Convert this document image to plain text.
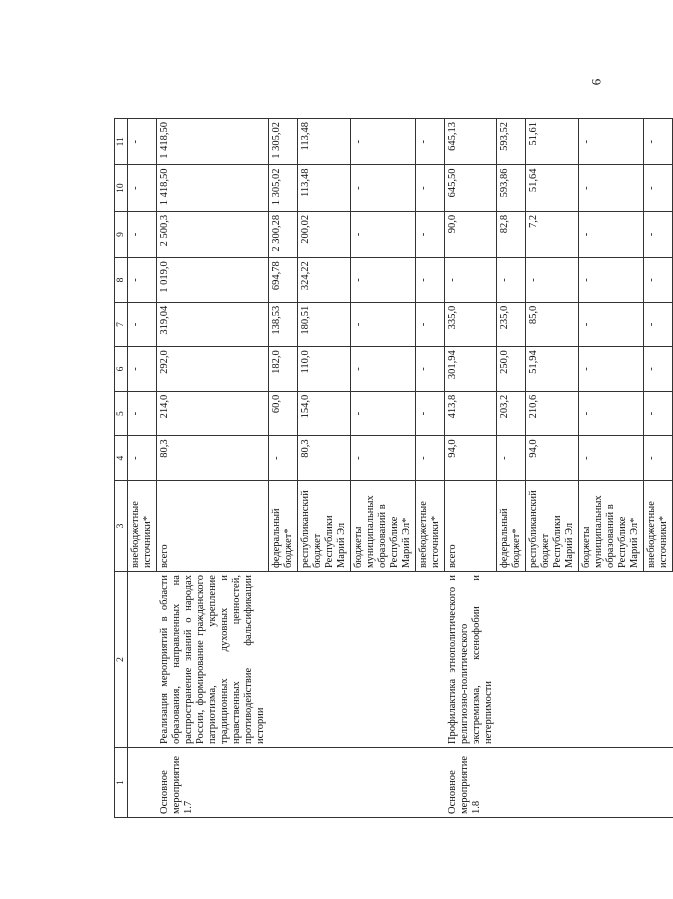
6
1	2	3	4	5	6	7	8	9	10	11
		внебюджетные источники*	-	-	-	-	-	-	-	-
Основное мероприятие 1.7	Реализация мероприятий в области образования, направленных на распространение знаний о народах России, формирование гражданского патриотизма, укрепление традиционных духовных и нравственных ценностей, противодействие фальсификации истории	всего	80,3	214,0	292,0	319,04	1 019,0	2 500,3	1 418,50	1 418,50
		федеральный бюджет*	-	60,0	182,0	138,53	694,78	2 300,28	1 305,02	1 305,02
		республиканский бюджет Республики Марий Эл	80,3	154,0	110,0	180,51	324,22	200,02	113,48	113,48
		бюджеты муниципальных образований в Республике Марий Эл*	-	-	-	-	-	-	-	-
		внебюджетные источники*	-	-	-	-	-	-	-	-
Основное мероприятие 1.8	Профилактика этнополитического и религиозно-политического экстремизма, ксенофобии и нетерпимости	всего	94,0	413,8	301,94	335,0	-	90,0	645,50	645,13
		федеральный бюджет*	-	203,2	250,0	235,0	-	82,8	593,86	593,52
		республиканский бюджет Республики Марий Эл	94,0	210,6	51,94	85,0	-	7,2	51,64	51,61
		бюджеты муниципальных образований в Республике Марий Эл*	-	-	-	-	-	-	-	-
		внебюджетные источники*	-	-	-	-	-	-	-	-
